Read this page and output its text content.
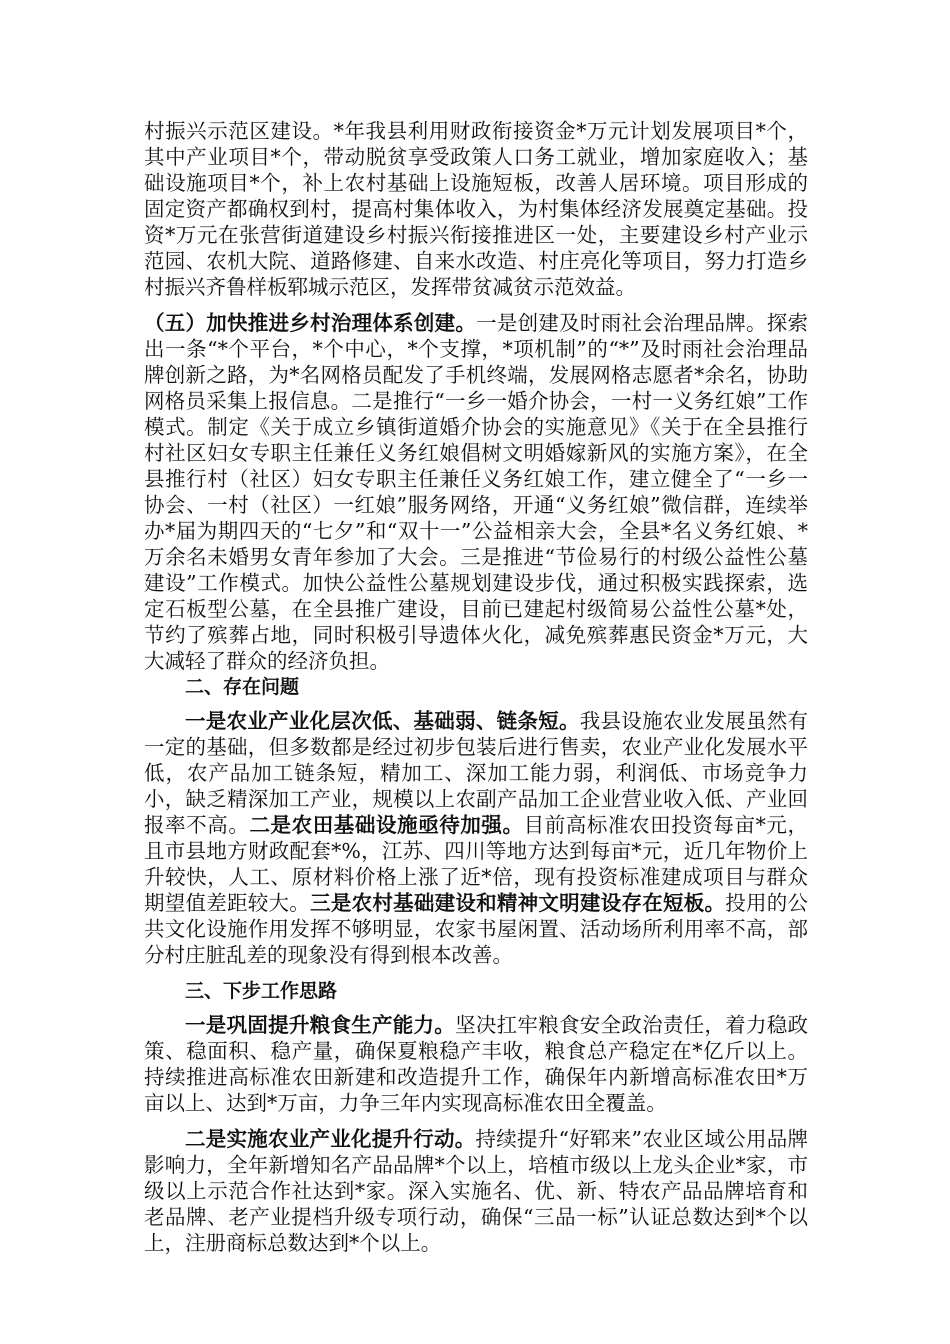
村振兴示范区建设。*年我县利用财政衔接资金*万元计划发展项目*个，其中产业项目*个，带动脱贫享受政策人口务工就业，增加家庭收入；基础设施项目*个，补上农村基础上设施短板，改善人居环境。项目形成的固定资产都确权到村，提高村集体收入，为村集体经济发展奠定基础。投资*万元在张营街道建设乡村振兴衔接推进区一处，主要建设乡村产业示范园、农机大院、道路修建、自来水改造、村庄亮化等项目，努力打造乡村振兴齐鲁样板郓城示范区，发挥带贫减贫示范效益。

（五）加快推进乡村治理体系创建。一是创建及时雨社会治理品牌。探索出一条“*个平台，*个中心，*个支撑，*项机制”的“*”及时雨社会治理品牌创新之路，为*名网格员配发了手机终端，发展网格志愿者*余名，协助网格员采集上报信息。二是推行“一乡一婚介协会，一村一义务红娘”工作模式。制定《关于成立乡镇街道婚介协会的实施意见》《关于在全县推行村社区妇女专职主任兼任义务红娘倡树文明婚嫁新风的实施方案》，在全县推行村（社区）妇女专职主任兼任义务红娘工作，建立健全了“一乡一协会、一村（社区）一红娘”服务网络，开通“义务红娘”微信群，连续举办*届为期四天的“七夕”和“双十一”公益相亲大会，全县*名义务红娘、*万余名未婚男女青年参加了大会。三是推进“节俭易行的村级公益性公墓建设”工作模式。加快公益性公墓规划建设步伐，通过积极实践探索，选定石板型公墓，在全县推广建设，目前已建起村级简易公益性公墓*处，节约了殡葬占地，同时积极引导遗体火化，减免殡葬惠民资金*万元，大大减轻了群众的经济负担。

二、存在问题

一是农业产业化层次低、基础弱、链条短。我县设施农业发展虽然有一定的基础，但多数都是经过初步包装后进行售卖，农业产业化发展水平低，农产品加工链条短，精加工、深加工能力弱，利润低、市场竞争力小，缺乏精深加工产业，规模以上农副产品加工企业营业收入低、产业回报率不高。二是农田基础设施亟待加强。目前高标准农田投资每亩*元，且市县地方财政配套*%，江苏、四川等地方达到每亩*元，近几年物价上升较快，人工、原材料价格上涨了近*倍，现有投资标准建成项目与群众期望值差距较大。三是农村基础建设和精神文明建设存在短板。投用的公共文化设施作用发挥不够明显，农家书屋闲置、活动场所利用率不高，部分村庄脏乱差的现象没有得到根本改善。

三、下步工作思路

一是巩固提升粮食生产能力。坚决扛牢粮食安全政治责任，着力稳政策、稳面积、稳产量，确保夏粮稳产丰收，粮食总产稳定在*亿斤以上。持续推进高标准农田新建和改造提升工作，确保年内新增高标准农田*万亩以上、达到*万亩，力争三年内实现高标准农田全覆盖。

二是实施农业产业化提升行动。持续提升“好郓来”农业区域公用品牌影响力，全年新增知名产品品牌*个以上，培植市级以上龙头企业*家，市级以上示范合作社达到*家。深入实施名、优、新、特农产品品牌培育和老品牌、老产业提档升级专项行动，确保“三品一标”认证总数达到*个以上，注册商标总数达到*个以上。
